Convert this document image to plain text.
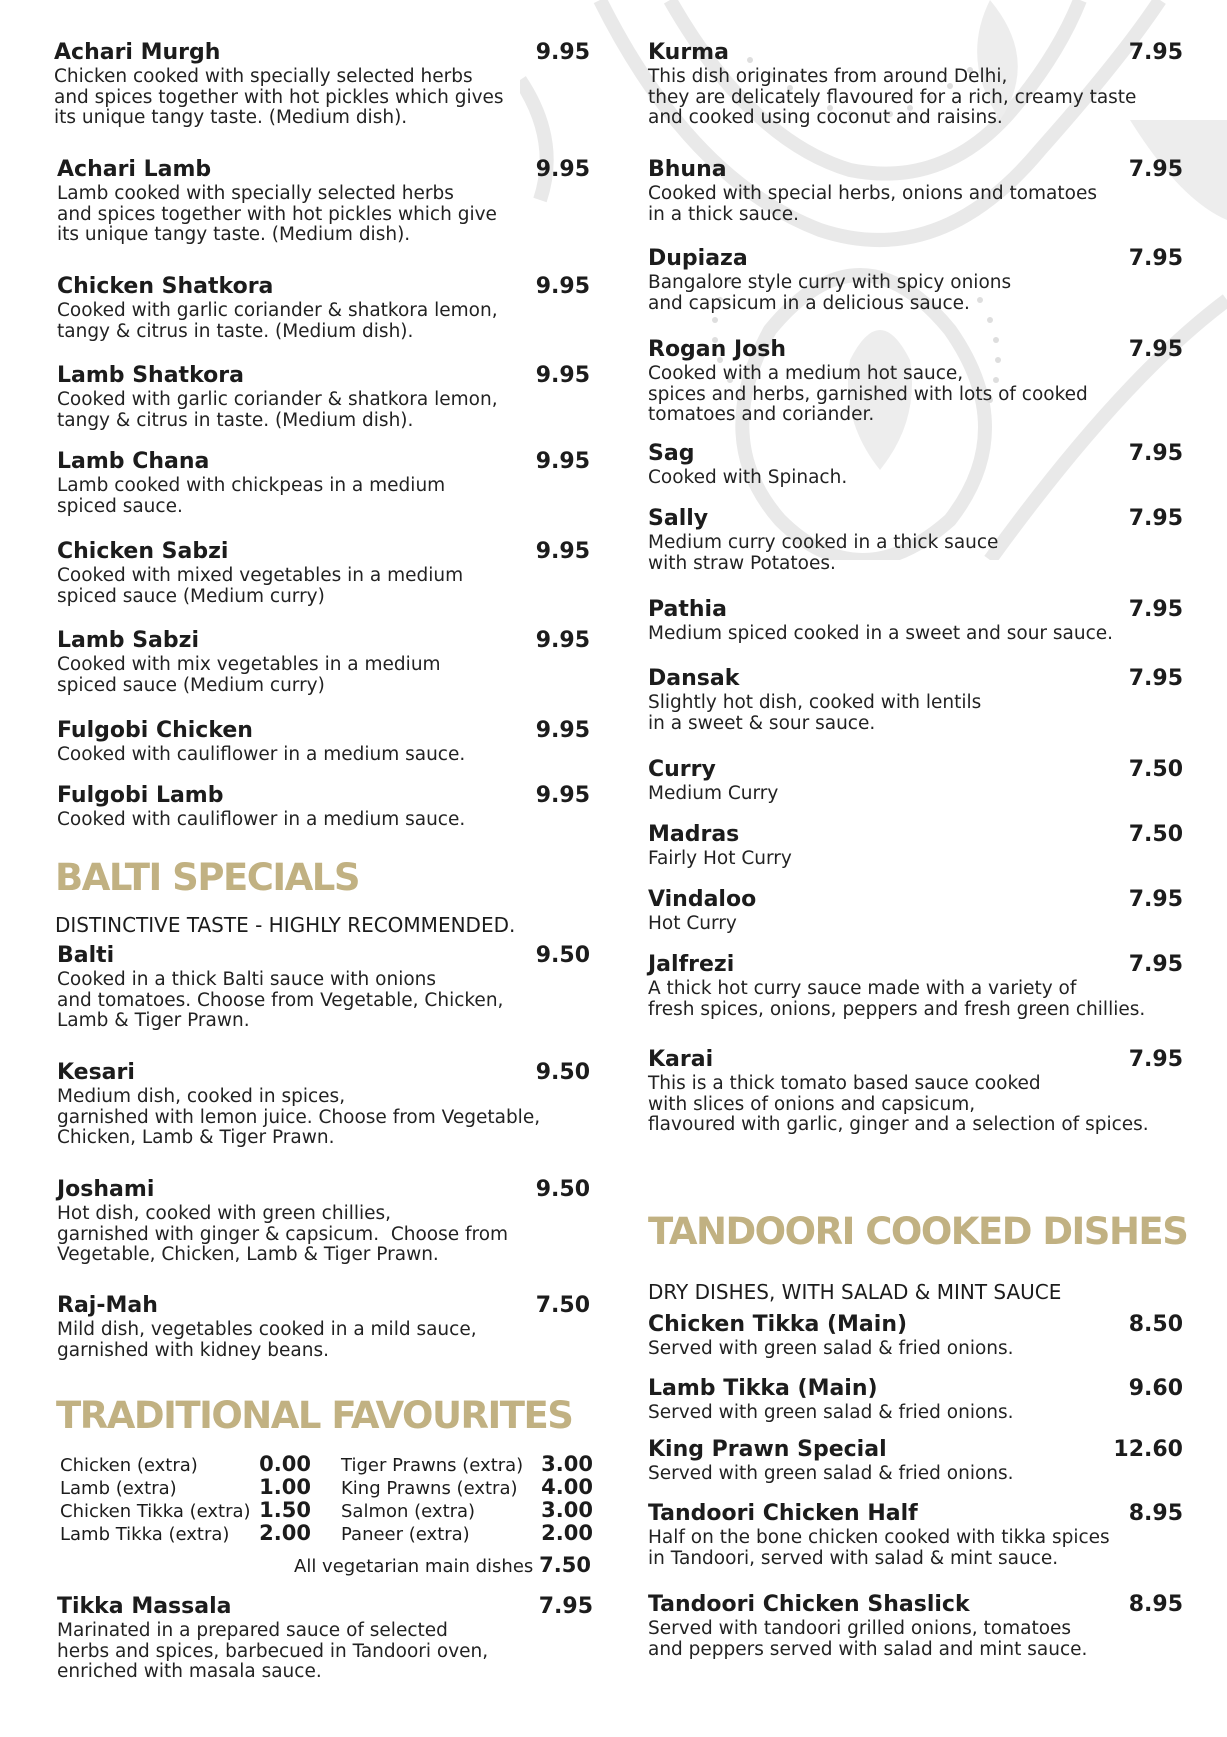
Achari Murgh	9.95
Chicken cooked with specially selected herbs
and spices together with hot pickles which gives
its unique tangy taste. (Medium dish).
Achari Lamb	9.95
Lamb cooked with specially selected herbs
and spices together with hot pickles which give
its unique tangy taste. (Medium dish).
Chicken Shatkora	9.95
Cooked with garlic coriander & shatkora lemon,
tangy & citrus in taste. (Medium dish).
Lamb Shatkora	9.95
Cooked with garlic coriander & shatkora lemon,
tangy & citrus in taste. (Medium dish).
Lamb Chana	9.95
Lamb cooked with chickpeas in a medium
spiced sauce.
Chicken Sabzi	9.95
Cooked with mixed vegetables in a medium
spiced sauce (Medium curry)
Lamb Sabzi	9.95
Cooked with mix vegetables in a medium
spiced sauce (Medium curry)
Fulgobi Chicken	9.95
Cooked with cauliflower in a medium sauce.
Fulgobi Lamb	9.95
Cooked with cauliflower in a medium sauce.
BALTI SPECIALS
DISTINCTIVE TASTE - HIGHLY RECOMMENDED.
Balti	9.50
Cooked in a thick Balti sauce with onions
and tomatoes. Choose from Vegetable, Chicken,
Lamb & Tiger Prawn.
Kesari	9.50
Medium dish, cooked in spices,
garnished with lemon juice. Choose from Vegetable,
Chicken, Lamb & Tiger Prawn.
Joshami	9.50
Hot dish, cooked with green chillies,
garnished with ginger & capsicum.  Choose from
Vegetable, Chicken, Lamb & Tiger Prawn.
Raj-Mah	7.50
Mild dish, vegetables cooked in a mild sauce,
garnished with kidney beans.
TRADITIONAL FAVOURITES
Chicken (extra)	0.00
Lamb (extra)	1.00
Chicken Tikka (extra) 1.50
Lamb Tikka (extra) 2.00
Tiger Prawns (extra) 3.00
King Prawns (extra) 4.00
Salmon (extra)	3.00
Paneer (extra)	2.00
All vegetarian main dishes 7.50
Tikka Massala	7.95
Marinated in a prepared sauce of selected
herbs and spices, barbecued in Tandoori oven,
enriched with masala sauce.
Kurma	7.95
This dish originates from around Delhi,
they are delicately flavoured for a rich, creamy taste
and cooked using coconut and raisins.
Bhuna	7.95
Cooked with special herbs, onions and tomatoes
in a thick sauce.
Dupiaza	7.95
Bangalore style curry with spicy onions
and capsicum in a delicious sauce.
Rogan Josh	7.95
Cooked with a medium hot sauce,
spices and herbs, garnished with lots of cooked
tomatoes and coriander.
Sag	7.95
Cooked with Spinach.
Sally	7.95
Medium curry cooked in a thick sauce
with straw Potatoes.
Pathia	7.95
Medium spiced cooked in a sweet and sour sauce.
Dansak	7.95
Slightly hot dish, cooked with lentils
in a sweet & sour sauce.
Curry	7.50
Medium Curry
Madras	7.50
Fairly Hot Curry
Vindaloo	7.95
Hot Curry
Jalfrezi	7.95
A thick hot curry sauce made with a variety of
fresh spices, onions, peppers and fresh green chillies.
Karai	7.95
This is a thick tomato based sauce cooked
with slices of onions and capsicum,
flavoured with garlic, ginger and a selection of spices.
TANDOORI COOKED DISHES
DRY DISHES, WITH SALAD & MINT SAUCE
Chicken Tikka (Main)	8.50
Served with green salad & fried onions.
Lamb Tikka (Main)	9.60
Served with green salad & fried onions.
King Prawn Special	12.60
Served with green salad & fried onions.
Tandoori Chicken Half	8.95
Half on the bone chicken cooked with tikka spices
in Tandoori, served with salad & mint sauce.
Tandoori Chicken Shaslick	8.95
Served with tandoori grilled onions, tomatoes
and peppers served with salad and mint sauce.
